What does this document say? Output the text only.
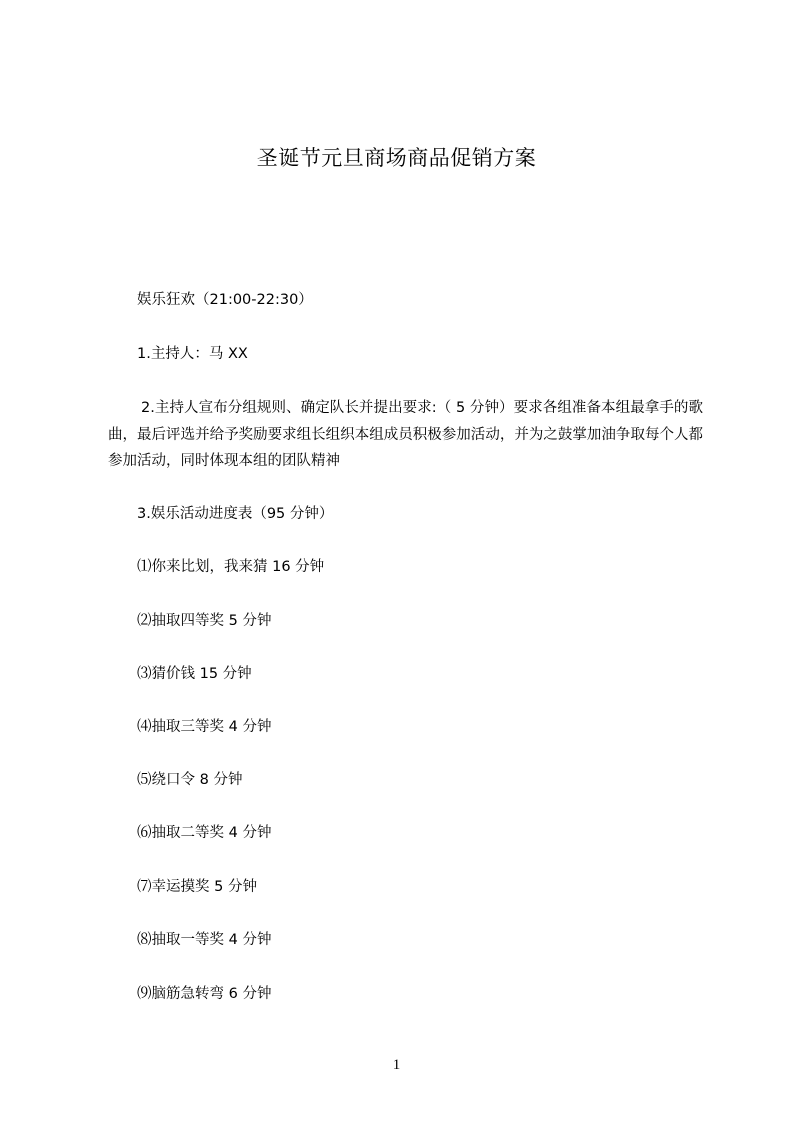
圣诞节元旦商场商品促销方案

娱乐狂欢（21:00-22:30）

1.主持人：马 XX

2.主持人宣布分组规则、确定队长并提出要求:（ 5 分钟）要求各组准备本组最拿手的歌曲，最后评选并给予奖励要求组长组织本组成员积极参加活动，并为之鼓掌加油争取每个人都参加活动，同时体现本组的团队精神

3.娱乐活动进度表（95 分钟）

⑴你来比划，我来猜 16 分钟

⑵抽取四等奖 5 分钟

⑶猜价钱 15 分钟

⑷抽取三等奖 4 分钟

⑸绕口令 8 分钟

⑹抽取二等奖 4 分钟

⑺幸运摸奖 5 分钟

⑻抽取一等奖 4 分钟

⑼脑筋急转弯 6 分钟

1
